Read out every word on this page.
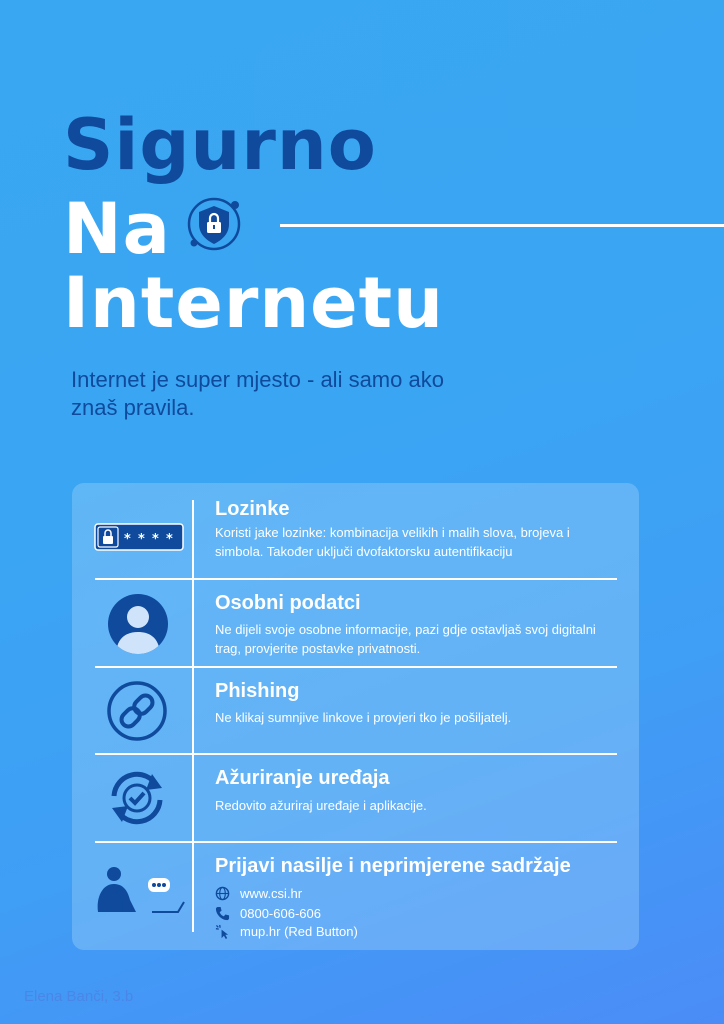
Sigurno
Na
Internetu
Internet je super mjesto - ali samo ako znaš pravila.
* * * *
Lozinke
Koristi jake lozinke: kombinacija velikih i malih slova, brojeva i simbola. Također uključi dvofaktorsku autentifikaciju
Osobni podatci
Ne dijeli svoje osobne informacije, pazi gdje ostavljaš svoj digitalni trag, provjerite postavke privatnosti.
Phishing
Ne klikaj sumnjive linkove i provjeri tko je pošiljatelj.
Ažuriranje uređaja
Redovito ažuriraj uređaje i aplikacije.
Prijavi nasilje i neprimjerene sadržaje
www.csi.hr
0800-606-606
mup.hr (Red Button)
Elena Banči, 3.b
